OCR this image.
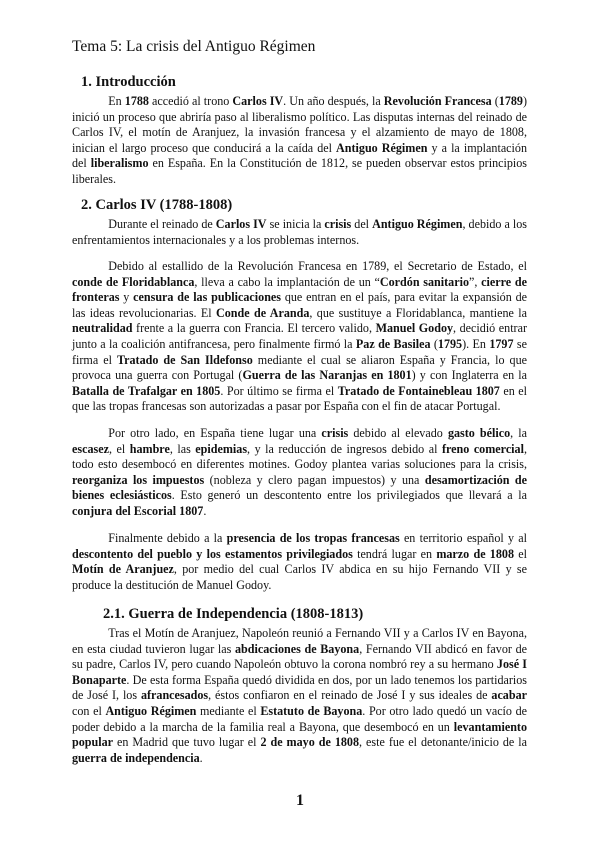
Tema 5: La crisis del Antiguo Régimen
1. Introducción

   En 1788 accedió al trono Carlos IV. Un año después, la Revolución Francesa (1789) inició un proceso que abriría paso al liberalismo político. Las disputas internas del reinado de Carlos IV, el motín de Aranjuez, la invasión francesa y el alzamiento de mayo de 1808, inician el largo proceso que conducirá a la caída del Antiguo Régimen y a la implantación del liberalismo en España. En la Constitución de 1812, se pueden observar estos principios liberales.

2. Carlos IV (1788-1808)

   Durante el reinado de Carlos IV se inicia la crisis del Antiguo Régimen, debido a los enfrentamientos internacionales y a los problemas internos.

   Debido al estallido de la Revolución Francesa en 1789, el Secretario de Estado, el conde de Floridablanca, lleva a cabo la implantación de un “Cordón sanitario”, cierre de fronteras y censura de las publicaciones que entran en el país, para evitar la expansión de las ideas revolucionarias. El Conde de Aranda, que sustituye a Floridablanca, mantiene la neutralidad frente a la guerra con Francia. El tercero valido, Manuel Godoy, decidió entrar junto a la coalición antifrancesa, pero finalmente firmó la Paz de Basilea (1795). En 1797 se firma el Tratado de San Ildefonso mediante el cual se aliaron España y Francia, lo que provoca una guerra con Portugal (Guerra de las Naranjas en 1801) y con Inglaterra en la Batalla de Trafalgar en 1805. Por último se firma el Tratado de Fontainebleau 1807 en el que las tropas francesas son autorizadas a pasar por España con el fin de atacar Portugal.

   Por otro lado, en España tiene lugar una crisis debido al elevado gasto bélico, la escasez, el hambre, las epidemias, y la reducción de ingresos debido al freno comercial, todo esto desembocó en diferentes motines. Godoy plantea varias soluciones para la crisis, reorganiza los impuestos (nobleza y clero pagan impuestos) y una desamortización de bienes eclesiásticos. Esto generó un descontento entre los privilegiados que llevará a la conjura del Escorial 1807.

   Finalmente debido a la presencia de los tropas francesas en territorio español y al descontento del pueblo y los estamentos privilegiados tendrá lugar en marzo de 1808 el Motín de Aranjuez, por medio del cual Carlos IV abdica en su hijo Fernando VII y se produce la destitución de Manuel Godoy.

2.1. Guerra de Independencia (1808-1813)

   Tras el Motín de Aranjuez, Napoleón reunió a Fernando VII y a Carlos IV en Bayona, en esta ciudad tuvieron lugar las abdicaciones de Bayona, Fernando VII abdicó en favor de su padre, Carlos IV, pero cuando Napoleón obtuvo la corona nombró rey a su hermano José I Bonaparte. De esta forma España quedó dividida en dos, por un lado tenemos los partidarios de José I, los afrancesados, éstos confiaron en el reinado de José I y sus ideales de acabar con el Antiguo Régimen mediante el Estatuto de Bayona. Por otro lado quedó un vacío de poder debido a la marcha de la familia real a Bayona, que desembocó en un levantamiento popular en Madrid que tuvo lugar el 2 de mayo de 1808, este fue el detonante/inicio de la guerra de independencia.

1
